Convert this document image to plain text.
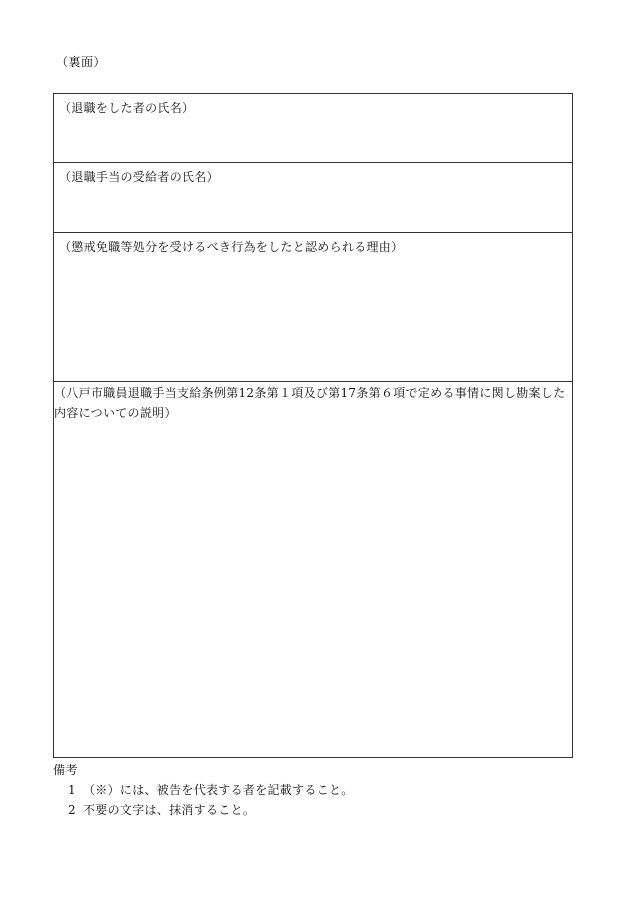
（裏面）
（退職をした者の氏名）
（退職手当の受給者の氏名）
（懲戒免職等処分を受けるべき行為をしたと認められる理由）
（八戸市職員退職手当支給条例第12条第１項及び第17条第６項で定める事情に関し勘案した内容についての説明）
備考
1 （※）には、被告を代表する者を記載すること。
2 不要の文字は、抹消すること。
